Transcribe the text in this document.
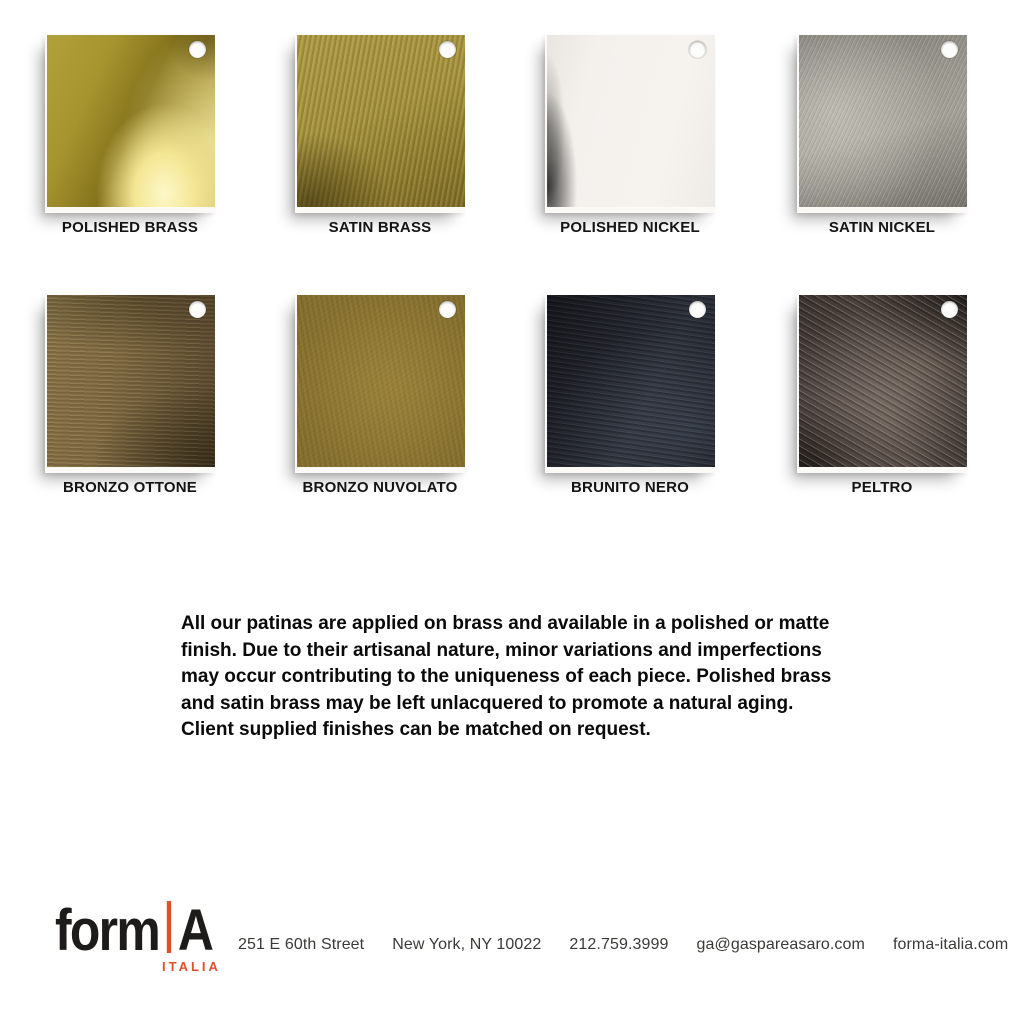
POLISHED BRASS	SATIN BRASS	POLISHED NICKEL	SATIN NICKEL
BRONZO OTTONE	BRONZO NUVOLATO	BRUNITO NERO	PELTRO
All our patinas are applied on brass and available in a polished or matte
finish. Due to their artisanal nature, minor variations and imperfections
may occur contributing to the uniqueness of each piece. Polished brass
and satin brass may be left unlacquered to promote a natural aging.
Client supplied finishes can be matched on request.
form A
ITALIA
251 E 60th Street New York, NY 10022 212.759.3999 ga@gaspareasaro.com forma-italia.com
